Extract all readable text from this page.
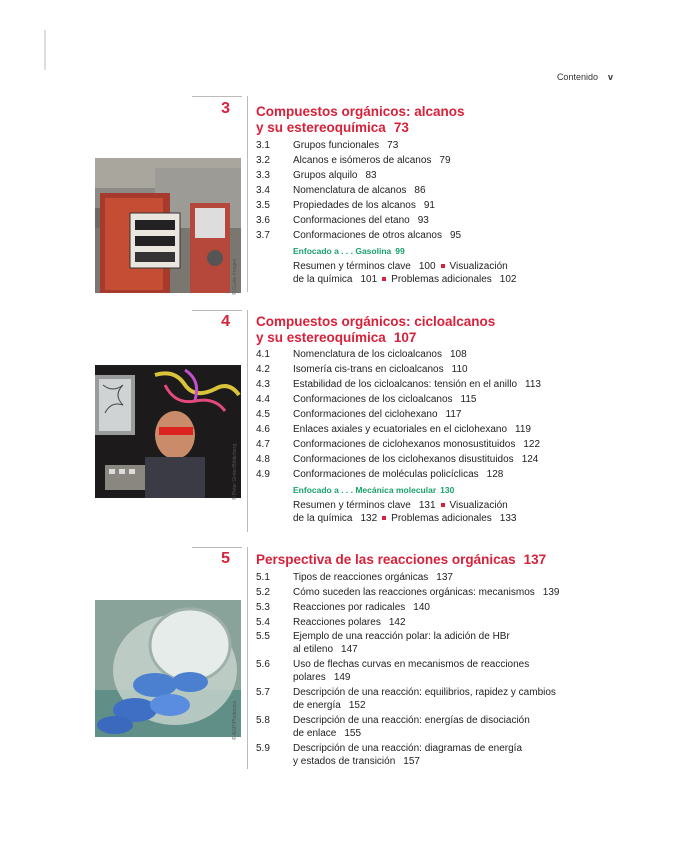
Contenido v
3
© Gusto Images
Compuestos orgánicos: alcanos
y su estereoquímica 73
3.1	Grupos funcionales 73
3.2	Alcanos e isómeros de alcanos 79
3.3	Grupos alquilo 83
3.4	Nomenclatura de alcanos 86
3.5	Propiedades de los alcanos 91
3.6	Conformaciones del etano 93
3.7	Conformaciones de otros alcanos 95
Enfocado a . . . Gasolina 99
Resumen y términos clave 100 Visualización
de la química 101 Problemas adicionales 102
4
© Peter Ginter/Bilderberg
Compuestos orgánicos: cicloalcanos
y su estereoquímica 107
4.1	Nomenclatura de los cicloalcanos 108
4.2	Isomería cis-trans en cicloalcanos 110
4.3	Estabilidad de los cicloalcanos: tensión en el anillo 113
4.4	Conformaciones de los cicloalcanos 115
4.5	Conformaciones del ciclohexano 117
4.6	Enlaces axiales y ecuatoriales en el ciclohexano 119
4.7	Conformaciones de ciclohexanos monosustituidos 122
4.8	Conformaciones de los ciclohexanos disustituidos 124
4.9	Conformaciones de moléculas policíclicas 128
Enfocado a . . . Mecánica molecular 130
Resumen y términos clave 131 Visualización
de la química 132 Problemas adicionales 133
5
© AGP/Photonica
Perspectiva de las reacciones orgánicas 137
5.1	Tipos de reacciones orgánicas 137
5.2	Cómo suceden las reacciones orgánicas: mecanismos 139
5.3	Reacciones por radicales 140
5.4	Reacciones polares 142
5.5	Ejemplo de una reacción polar: la adición de HBr
al etileno 147
5.6	Uso de flechas curvas en mecanismos de reacciones
polares 149
5.7	Descripción de una reacción: equilibrios, rapidez y cambios
de energía 152
5.8	Descripción de una reacción: energías de disociación
de enlace 155
5.9	Descripción de una reacción: diagramas de energía
y estados de transición 157
